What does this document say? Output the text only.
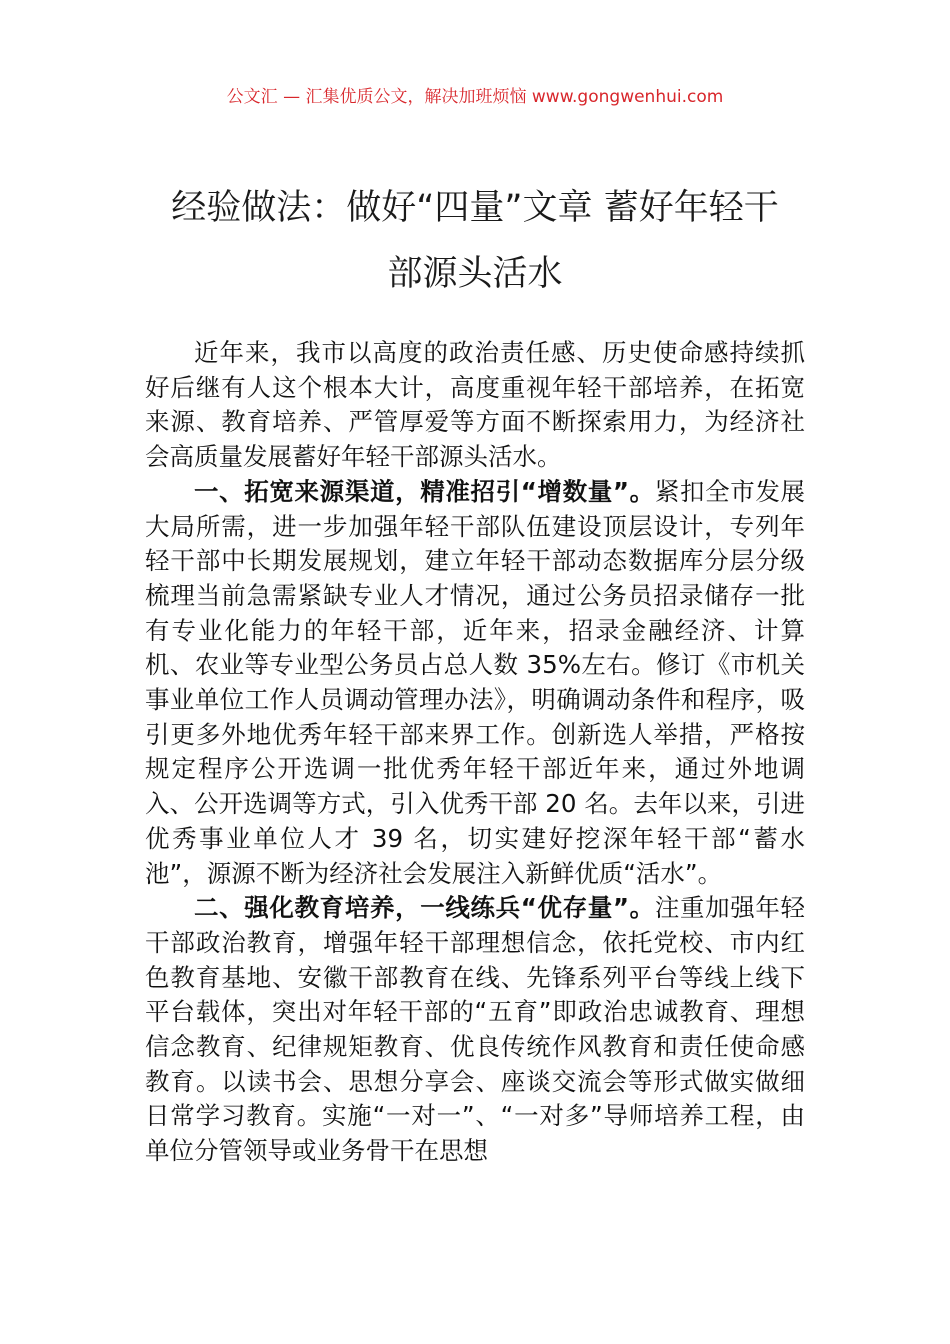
公文汇 — 汇集优质公文，解决加班烦恼 www.gongwenhui.com
经验做法：做好“四量”文章 蓄好年轻干
部源头活水

近年来，我市以高度的政治责任感、历史使命感持续抓好后继有人这个根本大计，高度重视年轻干部培养，在拓宽来源、教育培养、严管厚爱等方面不断探索用力，为经济社会高质量发展蓄好年轻干部源头活水。

一、拓宽来源渠道，精准招引“增数量”。紧扣全市发展大局所需，进一步加强年轻干部队伍建设顶层设计，专列年轻干部中长期发展规划，建立年轻干部动态数据库分层分级梳理当前急需紧缺专业人才情况，通过公务员招录储存一批有专业化能力的年轻干部，近年来，招录金融经济、计算机、农业等专业型公务员占总人数 35%左右。修订《市机关事业单位工作人员调动管理办法》，明确调动条件和程序，吸引更多外地优秀年轻干部来界工作。创新选人举措，严格按规定程序公开选调一批优秀年轻干部近年来，通过外地调入、公开选调等方式，引入优秀干部 20 名。去年以来，引进优秀事业单位人才 39 名，切实建好挖深年轻干部“蓄水池”，源源不断为经济社会发展注入新鲜优质“活水”。

二、强化教育培养，一线练兵“优存量”。注重加强年轻干部政治教育，增强年轻干部理想信念，依托党校、市内红色教育基地、安徽干部教育在线、先锋系列平台等线上线下平台载体，突出对年轻干部的“五育”即政治忠诚教育、理想信念教育、纪律规矩教育、优良传统作风教育和责任使命感教育。以读书会、思想分享会、座谈交流会等形式做实做细日常学习教育。实施“一对一”、“一对多”导师培养工程，由单位分管领导或业务骨干在思想
